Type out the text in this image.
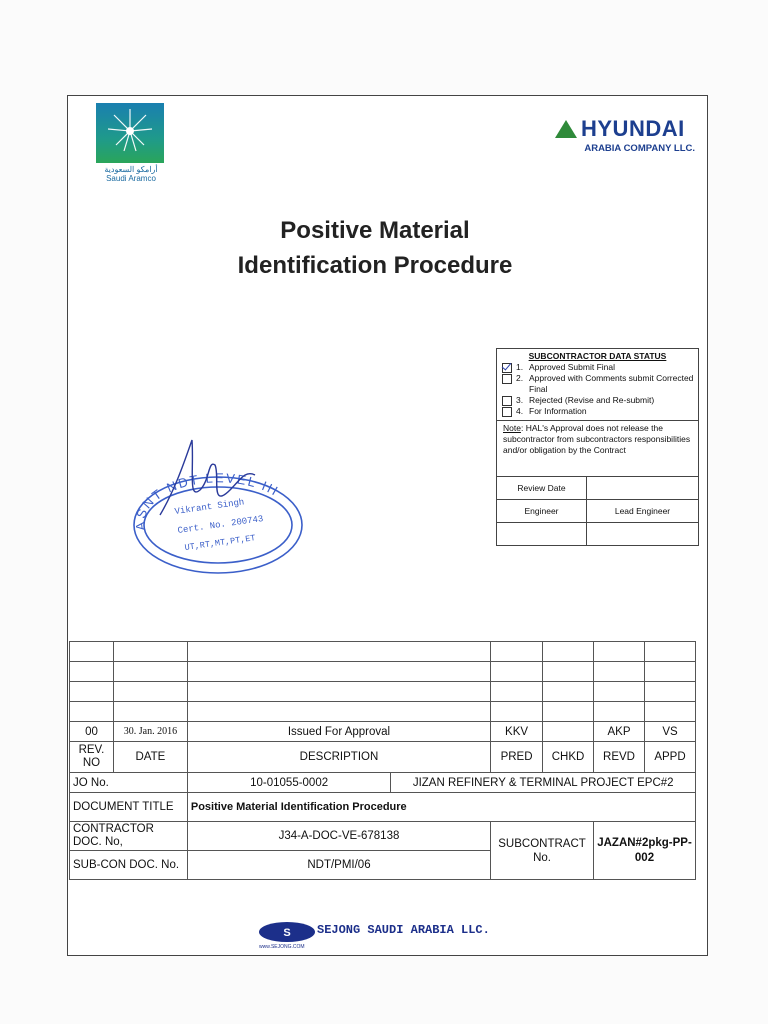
أرامكو السعودية
Saudi Aramco
HYUNDAI
ARABIA COMPANY LLC.
Positive Material
Identification Procedure
SUBCONTRACTOR DATA STATUS
1. Approved Submit Final
2. Approved with Comments submit Corrected Final
3. Rejected (Revise and Re-submit)
4. For Information
Note: HAL's Approval does not release the subcontractor from subcontractors responsibilities and/or obligation by the Contract
Review Date
Engineer	Lead Engineer
ASNT NDT LEVEL III
Vikrant Singh
Cert. No. 200743
UT,RT,MT,PT,ET

00	30. Jan. 2016	Issued For Approval		KKV		AKP	VS
REV. NO	DATE	DESCRIPTION		PRED	CHKD	REVD	APPD
JO No.		10-01055-0002	JIZAN REFINERY & TERMINAL PROJECT EPC#2				
DOCUMENT TITLE		Positive Material Identification Procedure					
CONTRACTOR DOC. No,		J34-A-DOC-VE-678138		SUBCONTRACT No.		JAZAN#2pkg-PP-002	
SUB-CON DOC. No.		NDT/PMI/06					
S SEJONG SAUDI ARABIA LLC.
www.SEJONG.COM
